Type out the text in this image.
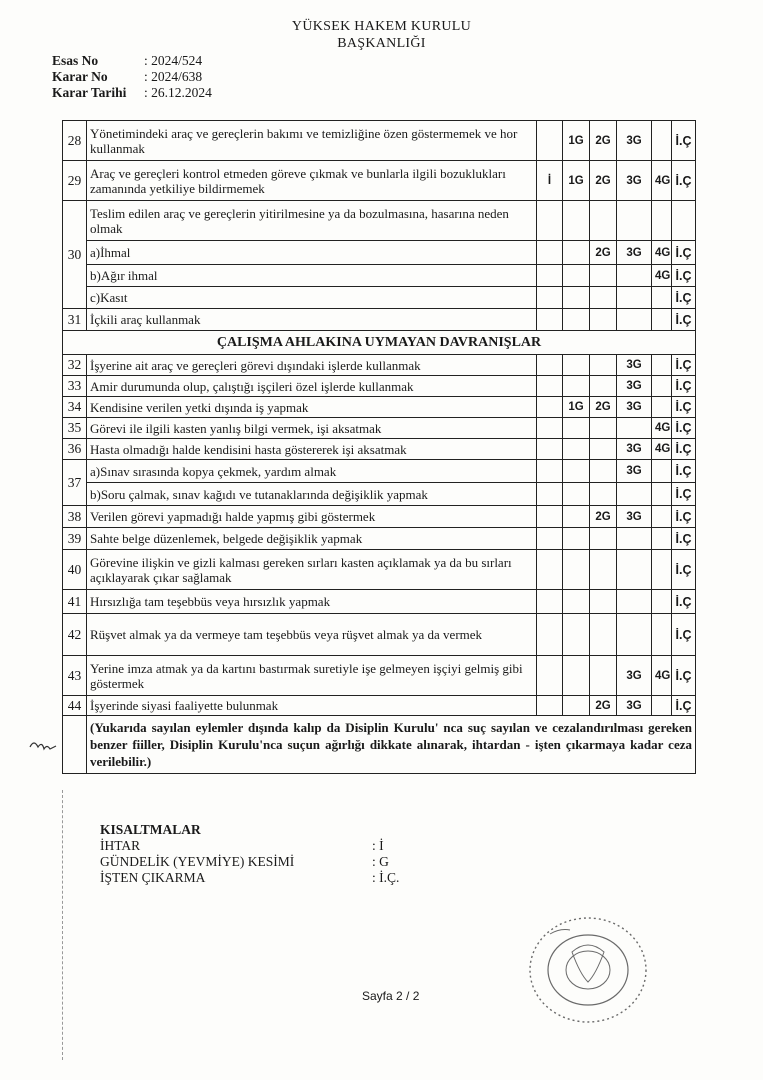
YÜKSEK HAKEM KURULU
BAŞKANLIĞI
Esas No	: 2024/524
Karar No	: 2024/638
Karar Tarihi	: 26.12.2024
28	Yönetimindeki araç ve gereçlerin bakımı ve temizliğine özen göstermemek ve hor kullanmak		1G	2G	3G		İ.Ç
29	Araç ve gereçleri kontrol etmeden göreve çıkmak ve bunlarla ilgili bozuklukları zamanında yetkiliye bildirmemek	İ	1G	2G	3G	4G	İ.Ç
30	Teslim edilen araç ve gereçlerin yitirilmesine ya da bozulmasına, hasarına neden olmak						
	a)İhmal			2G	3G	4G	İ.Ç
	b)Ağır ihmal					4G	İ.Ç
	c)Kasıt						İ.Ç
31	İçkili araç kullanmak						İ.Ç
ÇALIŞMA AHLAKINA UYMAYAN DAVRANIŞLAR							
32	İşyerine ait araç ve gereçleri görevi dışındaki işlerde kullanmak				3G		İ.Ç
33	Amir durumunda olup, çalıştığı işçileri özel işlerde kullanmak				3G		İ.Ç
34	Kendisine verilen yetki dışında iş yapmak		1G	2G	3G		İ.Ç
35	Görevi ile ilgili kasten yanlış bilgi vermek, işi aksatmak					4G	İ.Ç
36	Hasta olmadığı halde kendisini hasta göstererek işi aksatmak				3G	4G	İ.Ç
37	a)Sınav sırasında kopya çekmek, yardım almak				3G		İ.Ç
	b)Soru çalmak, sınav kağıdı ve tutanaklarında değişiklik yapmak						İ.Ç
38	Verilen görevi yapmadığı halde yapmış gibi göstermek			2G	3G		İ.Ç
39	Sahte belge düzenlemek, belgede değişiklik yapmak						İ.Ç
40	Görevine ilişkin ve gizli kalması gereken sırları kasten açıklamak ya da bu sırları açıklayarak çıkar sağlamak						İ.Ç
41	Hırsızlığa tam teşebbüs veya hırsızlık yapmak						İ.Ç
42	Rüşvet almak ya da vermeye tam teşebbüs veya rüşvet almak ya da vermek						İ.Ç
43	Yerine imza atmak ya da kartını bastırmak suretiyle işe gelmeyen işçiyi gelmiş gibi göstermek				3G	4G	İ.Ç
44	İşyerinde siyasi faaliyette bulunmak			2G	3G		İ.Ç
	(Yukarıda sayılan eylemler dışında kalıp da Disiplin Kurulu' nca suç sayılan ve cezalandırılması gereken benzer fiiller, Disiplin Kurulu'nca suçun ağırlığı dikkate alınarak, ihtardan - işten çıkarmaya kadar ceza verilebilir.)						
KISALTMALAR
İHTAR	: İ
GÜNDELİK (YEVMİYE) KESİMİ	: G
İŞTEN ÇIKARMA	: İ.Ç.
Sayfa 2 / 2
